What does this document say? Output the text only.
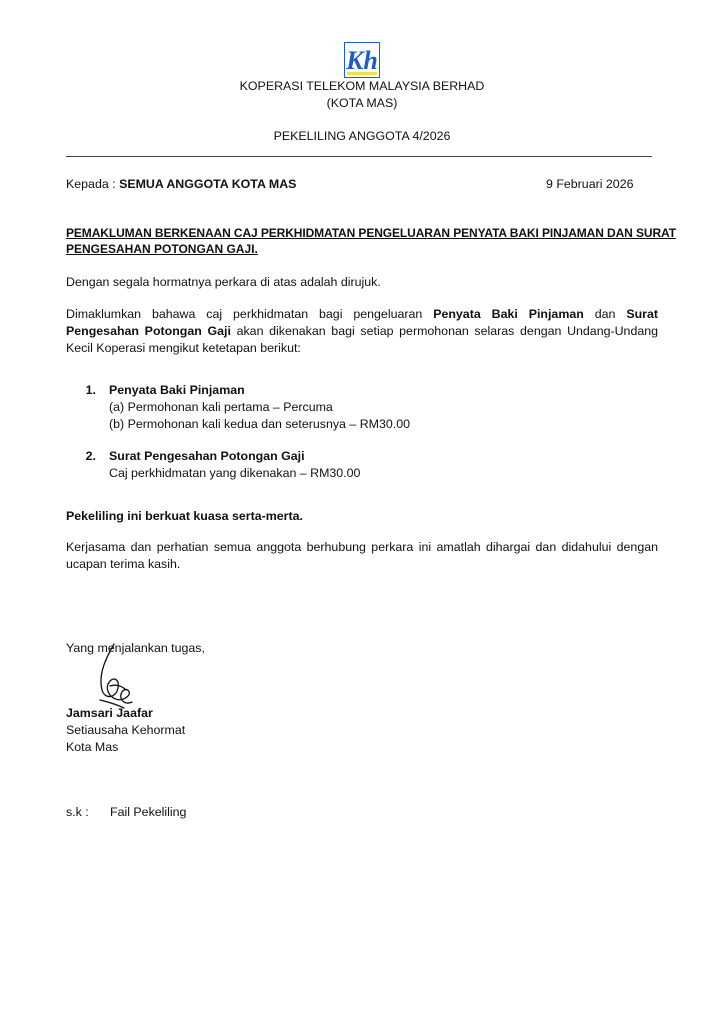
Kh
KOPERASI TELEKOM MALAYSIA BERHAD
(KOTA MAS)
PEKELILING ANGGOTA 4/2026
Kepada : SEMUA ANGGOTA KOTA MAS	9 Februari 2026
PEMAKLUMAN BERKENAAN CAJ PERKHIDMATAN PENGELUARAN PENYATA BAKI PINJAMAN DAN SURAT
PENGESAHAN POTONGAN GAJI.
Dengan segala hormatnya perkara di atas adalah dirujuk.
Dimaklumkan bahawa caj perkhidmatan bagi pengeluaran Penyata Baki Pinjaman dan Surat Pengesahan Potongan Gaji akan dikenakan bagi setiap permohonan selaras dengan Undang-Undang Kecil Koperasi mengikut ketetapan berikut:
1. Penyata Baki Pinjaman
(a) Permohonan kali pertama – Percuma
(b) Permohonan kali kedua dan seterusnya – RM30.00
2. Surat Pengesahan Potongan Gaji
Caj perkhidmatan yang dikenakan – RM30.00
Pekeliling ini berkuat kuasa serta-merta.
Kerjasama dan perhatian semua anggota berhubung perkara ini amatlah dihargai dan didahului dengan ucapan terima kasih.
Yang menjalankan tugas,
Jamsari Jaafar
Setiausaha Kehormat
Kota Mas
s.k : Fail Pekeliling
